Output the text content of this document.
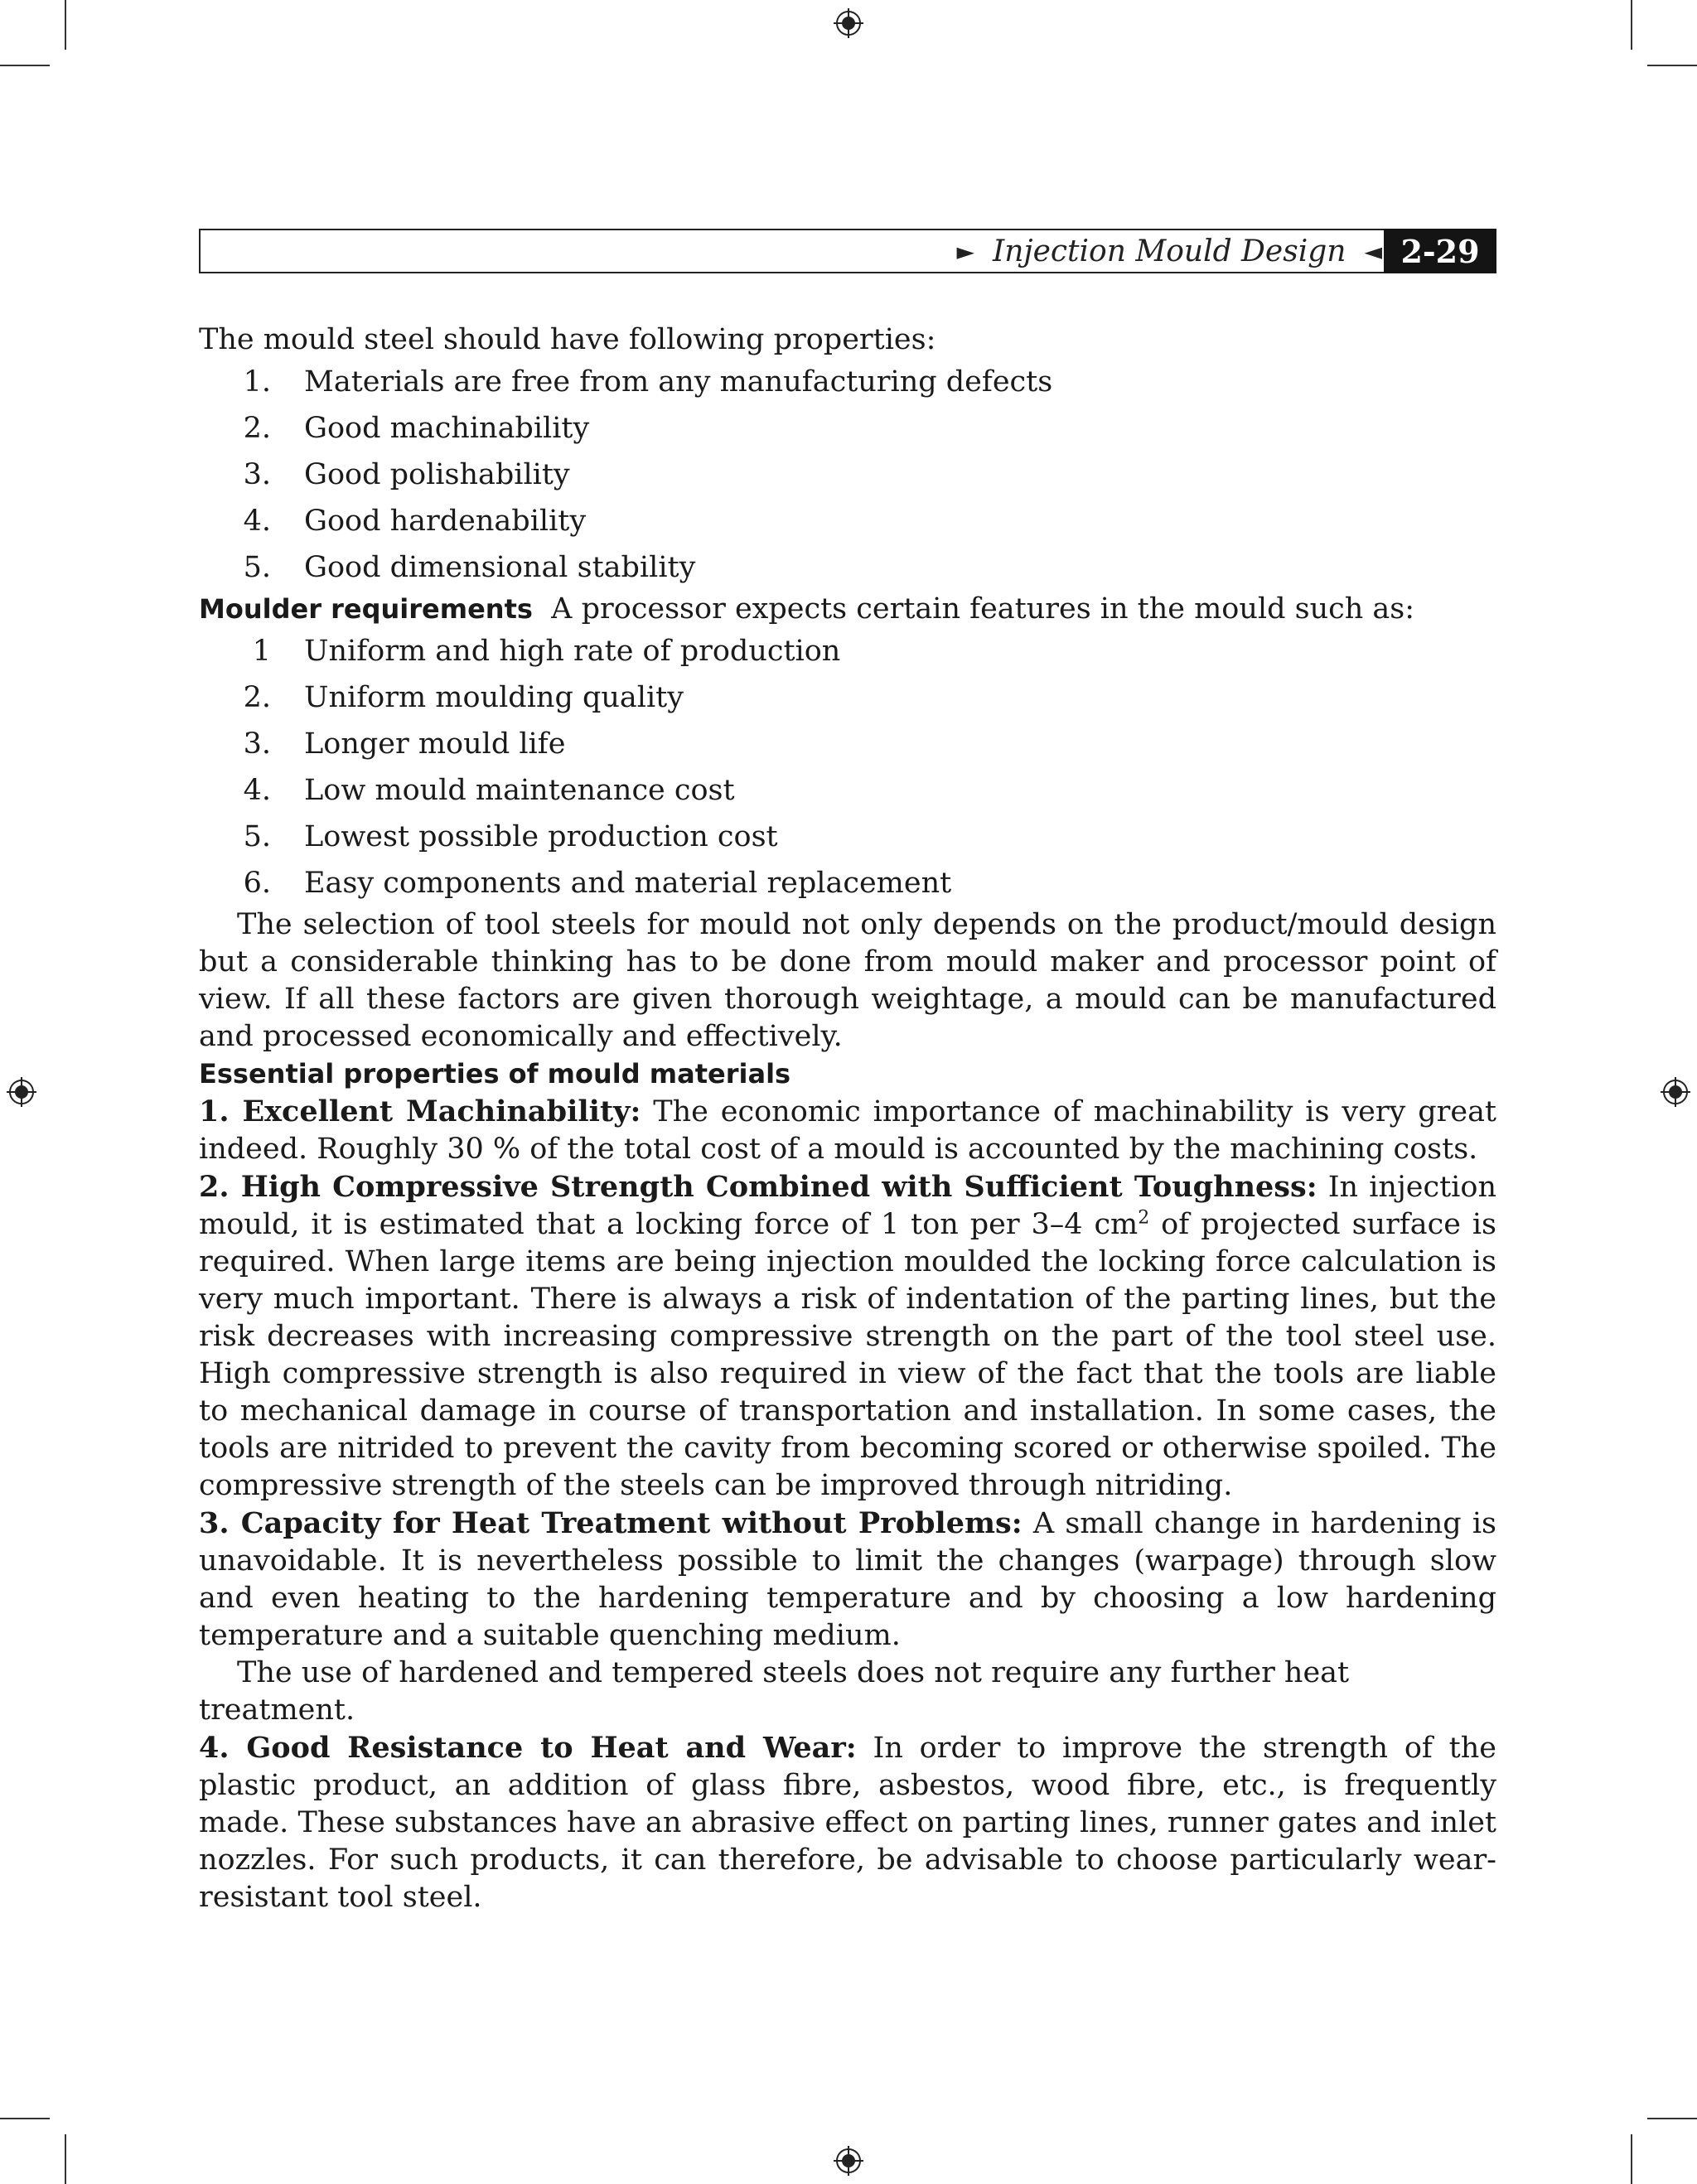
► Injection Mould Design ◄ 2-29

The mould steel should have following properties:

1.	Materials are free from any manufacturing defects
2.	Good machinability
3.	Good polishability
4.	Good hardenability
5.	Good dimensional stability

Moulder requirements A processor expects certain features in the mould such as:

1	Uniform and high rate of production
2.	Uniform moulding quality
3.	Longer mould life
4.	Low mould maintenance cost
5.	Lowest possible production cost
6.	Easy components and material replacement

The selection of tool steels for mould not only depends on the product/mould design but a considerable thinking has to be done from mould maker and processor point of view. If all these factors are given thorough weightage, a mould can be manufactured and processed economically and effectively.

Essential properties of mould materials

1. Excellent Machinability: The economic importance of machinability is very great indeed. Roughly 30 % of the total cost of a mould is accounted by the machining costs.

2. High Compressive Strength Combined with Sufficient Toughness: In injection mould, it is estimated that a locking force of 1 ton per 3–4 $cm^2$ of projected surface is required. When large items are being injection moulded the locking force calculation is very much important. There is always a risk of indentation of the parting lines, but the risk decreases with increasing compressive strength on the part of the tool steel use. High compressive strength is also required in view of the fact that the tools are liable to mechanical damage in course of transportation and installation. In some cases, the tools are nitrided to prevent the cavity from becoming scored or otherwise spoiled. The compressive strength of the steels can be improved through nitriding.

3. Capacity for Heat Treatment without Problems: A small change in hardening is unavoidable. It is nevertheless possible to limit the changes (warpage) through slow and even heating to the hardening temperature and by choosing a low hardening temperature and a suitable quenching medium.

The use of hardened and tempered steels does not require any further heat treatment.

4. Good Resistance to Heat and Wear: In order to improve the strength of the plastic product, an addition of glass fibre, asbestos, wood fibre, etc., is frequently made. These substances have an abrasive effect on parting lines, runner gates and inlet nozzles. For such products, it can therefore, be advisable to choose particularly wear-resistant tool steel.
